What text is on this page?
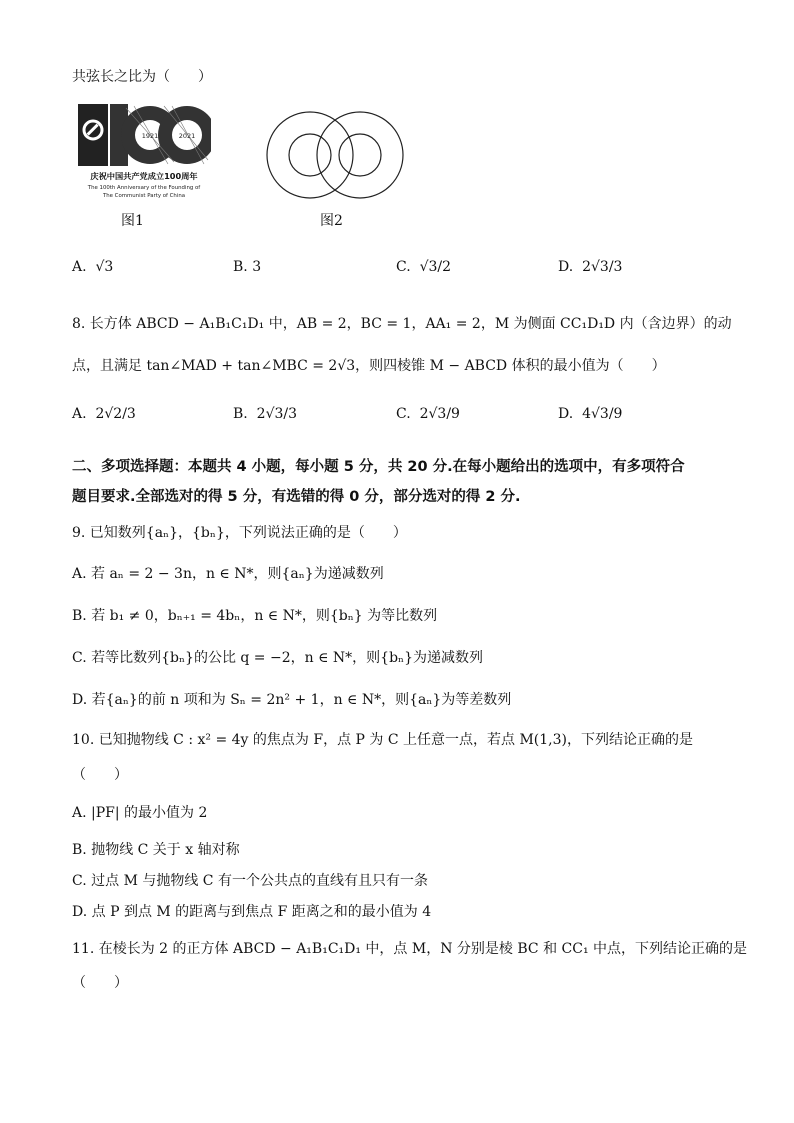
共弦长之比为（　　）
1921	2021
庆祝中国共产党成立100周年
The 100th Anniversary of the Founding of
The Communist Party of China
图1	图2
A. √3	B. 3	C. √3/2	D. 2√3/3
8. 长方体 ABCD − A₁B₁C₁D₁ 中，AB = 2，BC = 1，AA₁ = 2，M 为侧面 CC₁D₁D 内（含边界）的动
点，且满足 tan∠MAD + tan∠MBC = 2√3，则四棱锥 M − ABCD 体积的最小值为（　　）
A. 2√2/3	B. 2√3/3	C. 2√3/9	D. 4√3/9
二、多项选择题：本题共 4 小题，每小题 5 分，共 20 分.在每小题给出的选项中，有多项符合
题目要求.全部选对的得 5 分，有选错的得 0 分，部分选对的得 2 分.
9. 已知数列{aₙ}，{bₙ}，下列说法正确的是（　　）
A. 若 aₙ = 2 − 3n，n ∈ N*，则{aₙ}为递减数列
B. 若 b₁ ≠ 0，bₙ₊₁ = 4bₙ，n ∈ N*，则{bₙ} 为等比数列
C. 若等比数列{bₙ}的公比 q = −2，n ∈ N*，则{bₙ}为递减数列
D. 若{aₙ}的前 n 项和为 Sₙ = 2n² + 1，n ∈ N*，则{aₙ}为等差数列
10. 已知抛物线 C : x² = 4y 的焦点为 F，点 P 为 C 上任意一点，若点 M(1,3)，下列结论正确的是
（　　）
A. |PF| 的最小值为 2
B. 抛物线 C 关于 x 轴对称
C. 过点 M 与抛物线 C 有一个公共点的直线有且只有一条
D. 点 P 到点 M 的距离与到焦点 F 距离之和的最小值为 4
11. 在棱长为 2 的正方体 ABCD − A₁B₁C₁D₁ 中，点 M，N 分别是棱 BC 和 CC₁ 中点，下列结论正确的是
（　　）
